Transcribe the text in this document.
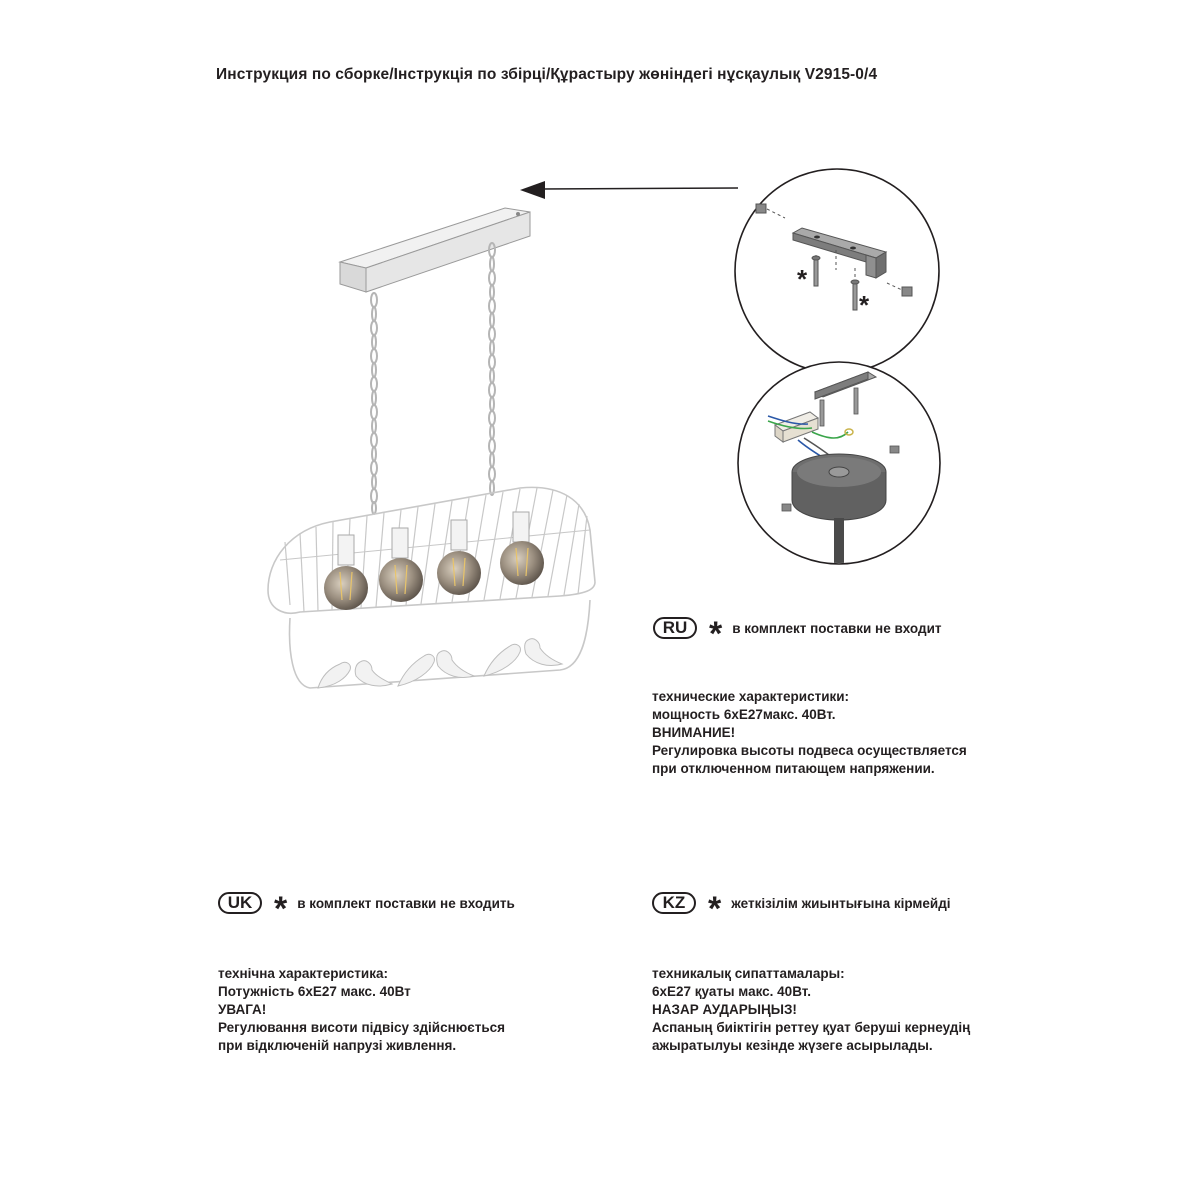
Инструкция по сборке/Інструкція по збірці/Құрастыру жөніндегі нұсқаулық V2915-0/4
*
*
RU * в комплект поставки не входит
технические характеристики:
мощность 6хЕ27макс. 40Вт.
ВНИМАНИЕ!
Регулировка высоты подвеса осуществляется
при отключенном питающем напряжении.
UK * в комплект поставки не входить
технічна характеристика:
Потужність 6хЕ27 макс. 40Вт
УВАГА!
Регулювання висоти підвісу здійснюється
при відключеній напрузі живлення.
KZ * жеткізілім жиынтығына кірмейді
техникалық сипаттамалары:
6хЕ27 қуаты макс. 40Вт.
НАЗАР АУДАРЫҢЫЗ!
Аспаның биіктігін реттеу қуат беруші кернеудің
ажыратылуы кезінде жүзеге асырылады.
